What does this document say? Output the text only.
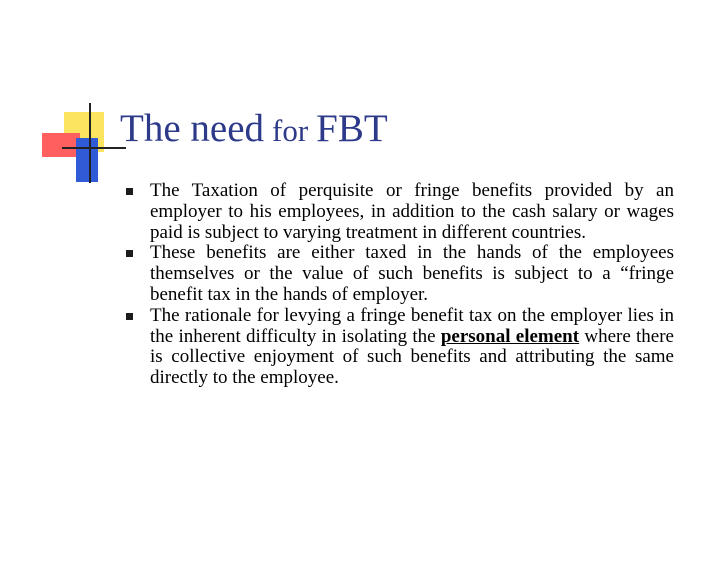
The need for FBT
The Taxation of perquisite or fringe benefits provided by an employer to his employees, in addition to the cash salary or wages paid is subject to varying treatment in different countries.
These benefits are either taxed in the hands of the employees themselves or the value of such benefits is subject to a “fringe benefit tax in the hands of employer.
The rationale for levying a fringe benefit tax on the employer lies in the inherent difficulty in isolating the personal element where there is collective enjoyment of such benefits and attributing the same directly to the employee.
